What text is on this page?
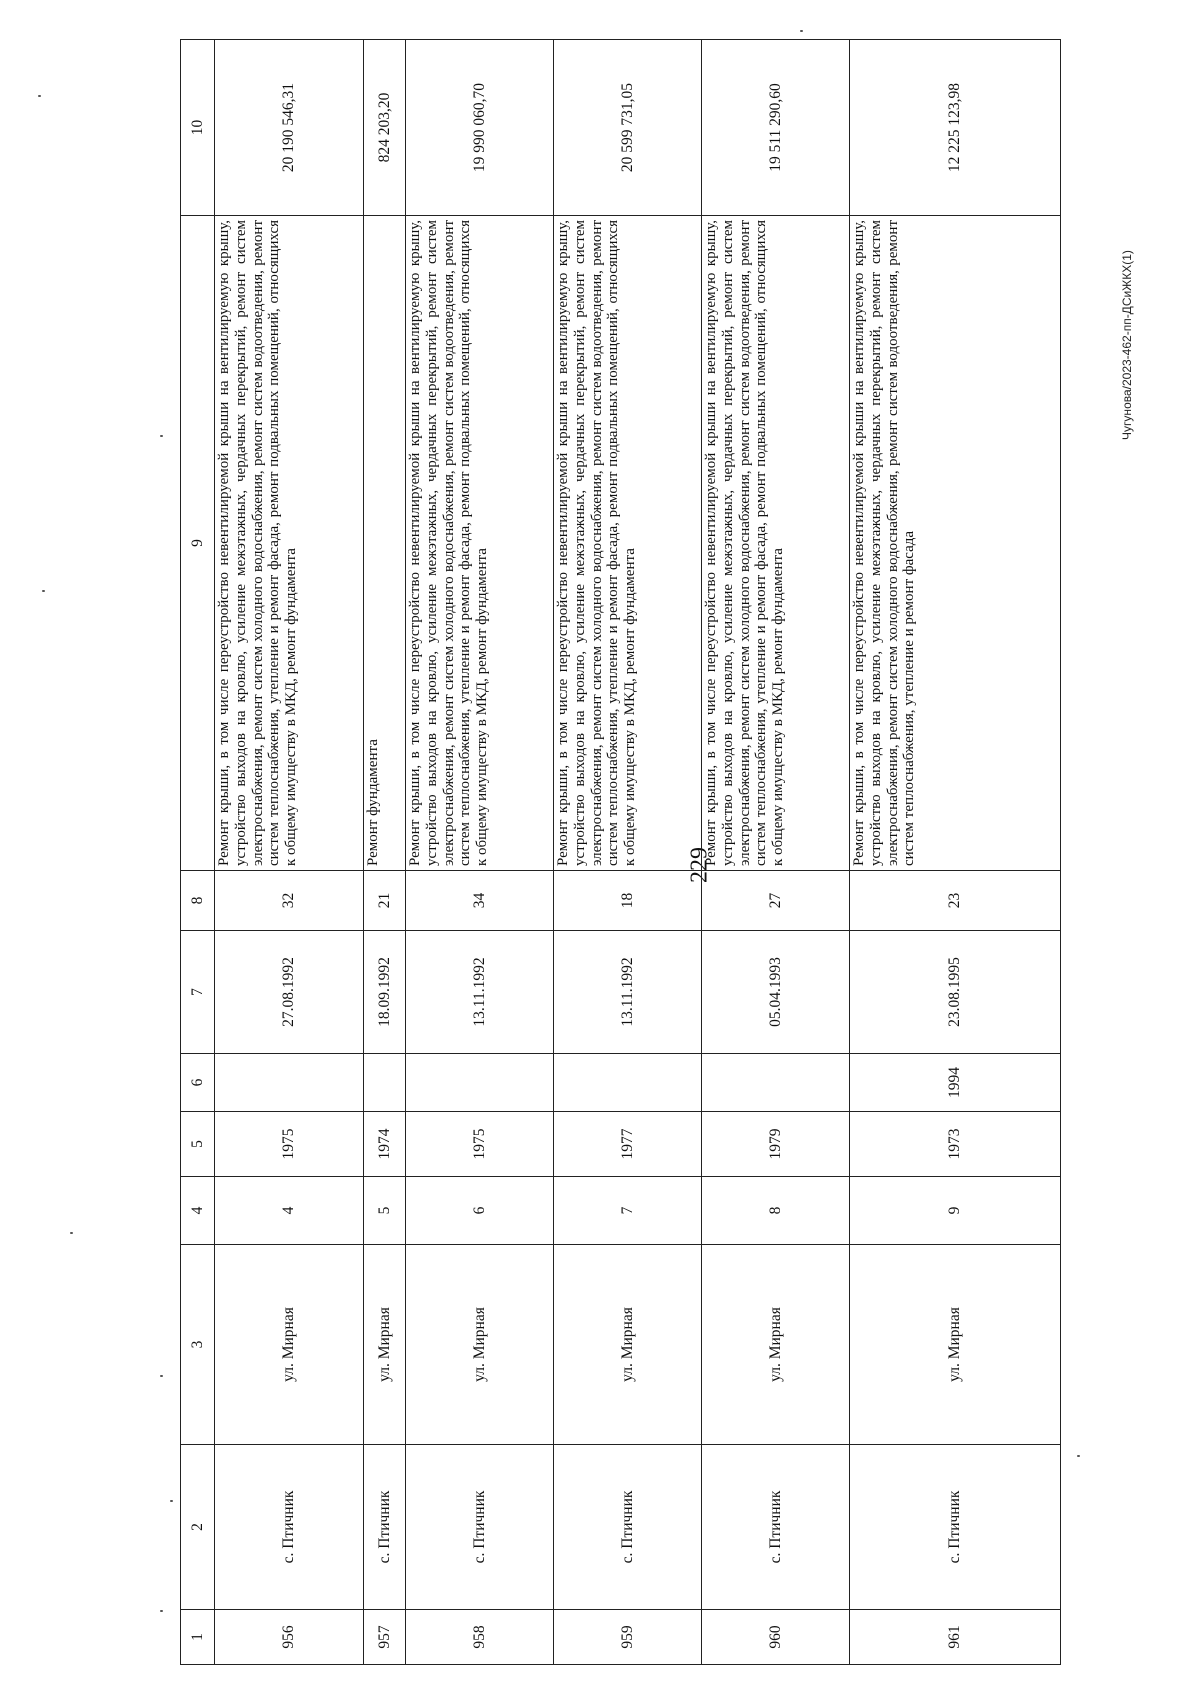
229
Чугунова/2023-462-пп-ДСиЖКХ(1)
1	2	3	4	5	6	7	8	9	10
956	с. Птичник	ул. Мирная	4	1975		27.08.1992	32	Ремонт крыши, в том числе переустройство невентилируемой крыши на вентилируемую крышу, устройство выходов на кровлю, усиление межэтажных, чердачных перекрытий, ремонт систем электроснабжения, ремонт систем холодного водоснабжения, ремонт систем водоотведения, ремонт систем теплоснабжения, утепление и ремонт фасада, ремонт подвальных помещений, относящихся к общему имуществу в МКД, ремонт фундамента	20 190 546,31
957	с. Птичник	ул. Мирная	5	1974		18.09.1992	21	Ремонт фундамента	824 203,20
958	с. Птичник	ул. Мирная	6	1975		13.11.1992	34	Ремонт крыши, в том числе переустройство невентилируемой крыши на вентилируемую крышу, устройство выходов на кровлю, усиление межэтажных, чердачных перекрытий, ремонт систем электроснабжения, ремонт систем холодного водоснабжения, ремонт систем водоотведения, ремонт систем теплоснабжения, утепление и ремонт фасада, ремонт подвальных помещений, относящихся к общему имуществу в МКД, ремонт фундамента	19 990 060,70
959	с. Птичник	ул. Мирная	7	1977		13.11.1992	18	Ремонт крыши, в том числе переустройство невентилируемой крыши на вентилируемую крышу, устройство выходов на кровлю, усиление межэтажных, чердачных перекрытий, ремонт систем электроснабжения, ремонт систем холодного водоснабжения, ремонт систем водоотведения, ремонт систем теплоснабжения, утепление и ремонт фасада, ремонт подвальных помещений, относящихся к общему имуществу в МКД, ремонт фундамента	20 599 731,05
960	с. Птичник	ул. Мирная	8	1979		05.04.1993	27	Ремонт крыши, в том числе переустройство невентилируемой крыши на вентилируемую крышу, устройство выходов на кровлю, усиление межэтажных, чердачных перекрытий, ремонт систем электроснабжения, ремонт систем холодного водоснабжения, ремонт систем водоотведения, ремонт систем теплоснабжения, утепление и ремонт фасада, ремонт подвальных помещений, относящихся к общему имуществу в МКД, ремонт фундамента	19 511 290,60
961	с. Птичник	ул. Мирная	9	1973	1994	23.08.1995	23	Ремонт крыши, в том числе переустройство невентилируемой крыши на вентилируемую крышу, устройство выходов на кровлю, усиление межэтажных, чердачных перекрытий, ремонт систем электроснабжения, ремонт систем холодного водоснабжения, ремонт систем водоотведения, ремонт систем теплоснабжения, утепление и ремонт фасада	12 225 123,98
